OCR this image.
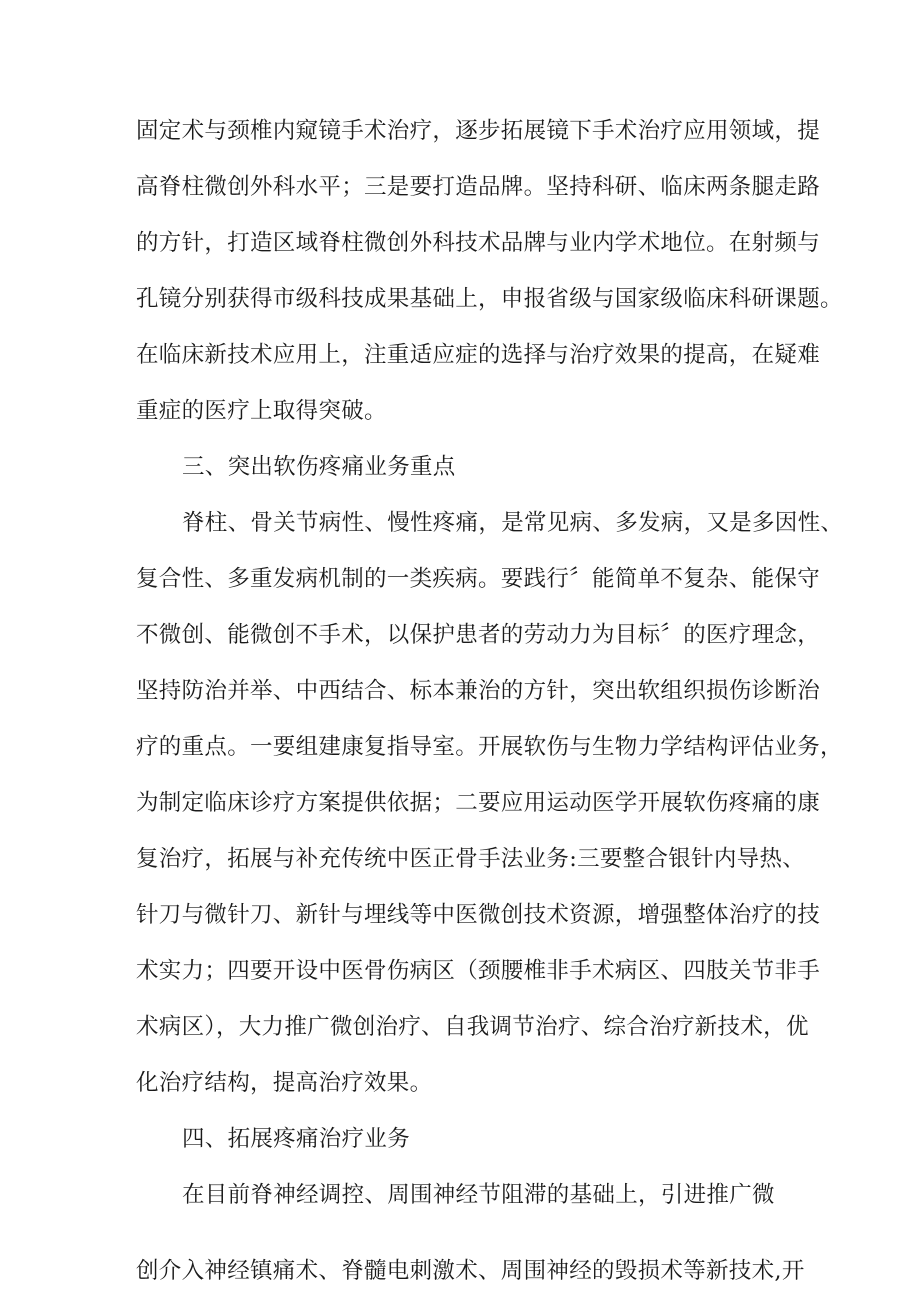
固定术与颈椎内窥镜手术治疗，逐步拓展镜下手术治疗应用领域，提
高脊柱微创外科水平；三是要打造品牌。坚持科研、临床两条腿走路
的方针，打造区域脊柱微创外科技术品牌与业内学术地位。在射频与
孔镜分别获得市级科技成果基础上，申报省级与国家级临床科研课题。
在临床新技术应用上，注重适应症的选择与治疗效果的提高，在疑难
重症的医疗上取得突破。
三、突出软伤疼痛业务重点
脊柱、骨关节病性、慢性疼痛，是常见病、多发病，又是多因性、
复合性、多重发病机制的一类疾病。要践行〞能简单不复杂、能保守
不微创、能微创不手术，以保护患者的劳动力为目标〞的医疗理念，
坚持防治并举、中西结合、标本兼治的方针，突出软组织损伤诊断治
疗的重点。一要组建康复指导室。开展软伤与生物力学结构评估业务，
为制定临床诊疗方案提供依据；二要应用运动医学开展软伤疼痛的康
复治疗，拓展与补充传统中医正骨手法业务:三要整合银针内导热、
针刀与微针刀、新针与埋线等中医微创技术资源，增强整体治疗的技
术实力；四要开设中医骨伤病区（颈腰椎非手术病区、四肢关节非手
术病区），大力推广微创治疗、自我调节治疗、综合治疗新技术，优
化治疗结构，提高治疗效果。
四、拓展疼痛治疗业务
在目前脊神经调控、周围神经节阻滞的基础上，引进推广微
创介入神经镇痛术、脊髓电刺激术、周围神经的毁损术等新技术,开
